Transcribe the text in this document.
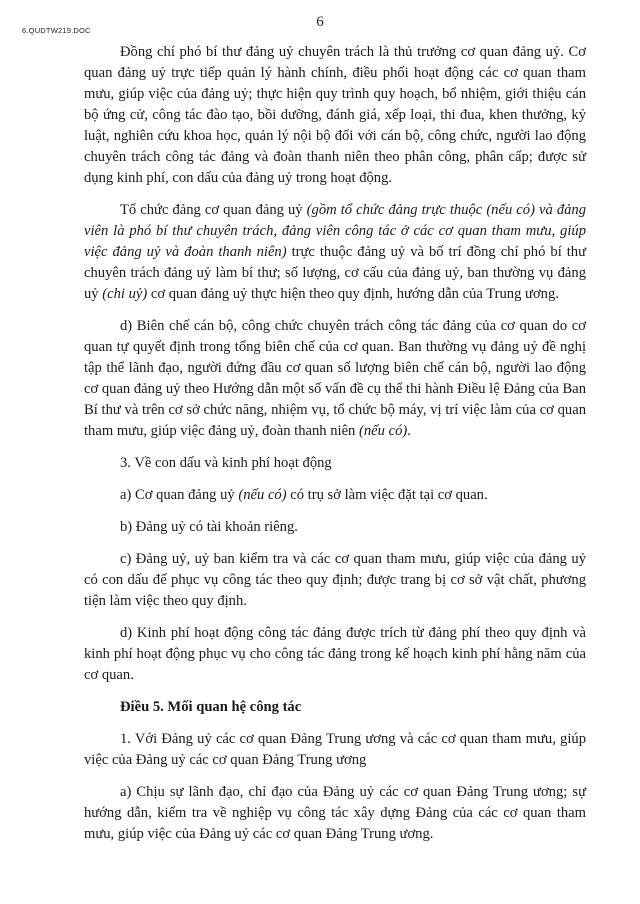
6.QUDTW219.DOC
6

Đồng chí phó bí thư đảng uỷ chuyên trách là thủ trưởng cơ quan đảng uỷ. Cơ quan đảng uỷ trực tiếp quản lý hành chính, điều phối hoạt động các cơ quan tham mưu, giúp việc của đảng uỷ; thực hiện quy trình quy hoạch, bổ nhiệm, giới thiệu cán bộ ứng cử, công tác đào tạo, bồi dưỡng, đánh giá, xếp loại, thi đua, khen thưởng, kỷ luật, nghiên cứu khoa học, quản lý nội bộ đối với cán bộ, công chức, người lao động chuyên trách công tác đảng và đoàn thanh niên theo phân công, phân cấp; được sử dụng kinh phí, con dấu của đảng uỷ trong hoạt động.

Tổ chức đảng cơ quan đảng uỷ (gồm tổ chức đảng trực thuộc (nếu có) và đảng viên là phó bí thư chuyên trách, đảng viên công tác ở các cơ quan tham mưu, giúp việc đảng uỷ và đoàn thanh niên) trực thuộc đảng uỷ và bố trí đồng chí phó bí thư chuyên trách đảng uỷ làm bí thư; số lượng, cơ cấu của đảng uỷ, ban thường vụ đảng uỷ (chi uỷ) cơ quan đảng uỷ thực hiện theo quy định, hướng dẫn của Trung ương.

d) Biên chế cán bộ, công chức chuyên trách công tác đảng của cơ quan do cơ quan tự quyết định trong tổng biên chế của cơ quan. Ban thường vụ đảng uỷ đề nghị tập thể lãnh đạo, người đứng đầu cơ quan số lượng biên chế cán bộ, người lao động cơ quan đảng uỷ theo Hướng dẫn một số vấn đề cụ thể thi hành Điều lệ Đảng của Ban Bí thư và trên cơ sở chức năng, nhiệm vụ, tổ chức bộ máy, vị trí việc làm của cơ quan tham mưu, giúp việc đảng uỷ, đoàn thanh niên (nếu có).

3. Về con dấu và kinh phí hoạt động

a) Cơ quan đảng uỷ (nếu có) có trụ sở làm việc đặt tại cơ quan.

b) Đảng uỷ có tài khoản riêng.

c) Đảng uỷ, uỷ ban kiểm tra và các cơ quan tham mưu, giúp việc của đảng uỷ có con dấu để phục vụ công tác theo quy định; được trang bị cơ sở vật chất, phương tiện làm việc theo quy định.

d) Kinh phí hoạt động công tác đảng được trích từ đảng phí theo quy định và kinh phí hoạt động phục vụ cho công tác đảng trong kế hoạch kinh phí hằng năm của cơ quan.

Điều 5. Mối quan hệ công tác

1. Với Đảng uỷ các cơ quan Đảng Trung ương và các cơ quan tham mưu, giúp việc của Đảng uỷ các cơ quan Đảng Trung ương

a) Chịu sự lãnh đạo, chỉ đạo của Đảng uỷ các cơ quan Đảng Trung ương; sự hướng dẫn, kiểm tra về nghiệp vụ công tác xây dựng Đảng của các cơ quan tham mưu, giúp việc của Đảng uỷ các cơ quan Đảng Trung ương.
